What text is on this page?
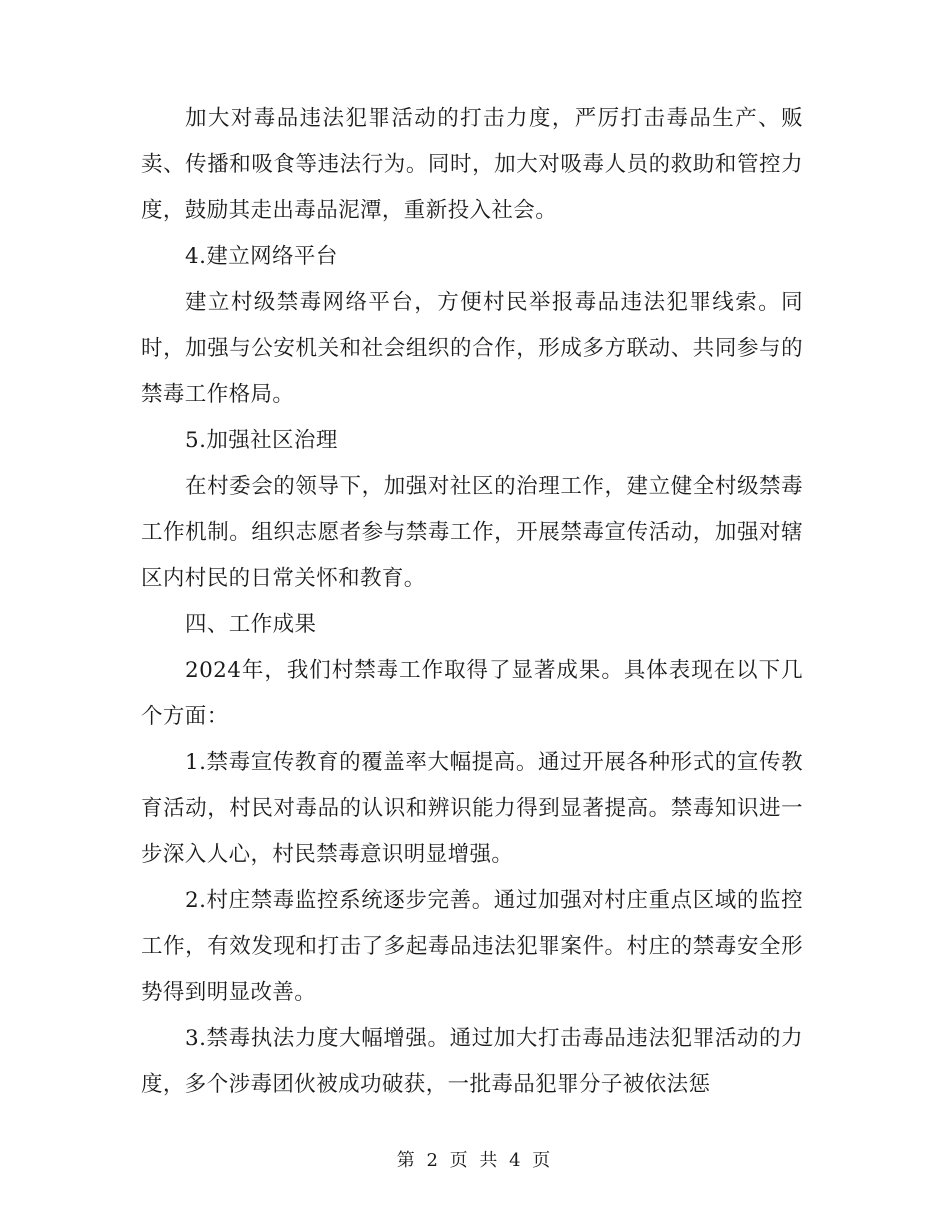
加大对毒品违法犯罪活动的打击力度，严厉打击毒品生产、贩卖、传播和吸食等违法行为。同时，加大对吸毒人员的救助和管控力度，鼓励其走出毒品泥潭，重新投入社会。

4.建立网络平台

建立村级禁毒网络平台，方便村民举报毒品违法犯罪线索。同时，加强与公安机关和社会组织的合作，形成多方联动、共同参与的禁毒工作格局。

5.加强社区治理

在村委会的领导下，加强对社区的治理工作，建立健全村级禁毒工作机制。组织志愿者参与禁毒工作，开展禁毒宣传活动，加强对辖区内村民的日常关怀和教育。

四、工作成果

2024年，我们村禁毒工作取得了显著成果。具体表现在以下几个方面：

1.禁毒宣传教育的覆盖率大幅提高。通过开展各种形式的宣传教育活动，村民对毒品的认识和辨识能力得到显著提高。禁毒知识进一步深入人心，村民禁毒意识明显增强。

2.村庄禁毒监控系统逐步完善。通过加强对村庄重点区域的监控工作，有效发现和打击了多起毒品违法犯罪案件。村庄的禁毒安全形势得到明显改善。

3.禁毒执法力度大幅增强。通过加大打击毒品违法犯罪活动的力度，多个涉毒团伙被成功破获，一批毒品犯罪分子被依法惩

第 2 页 共 4 页
